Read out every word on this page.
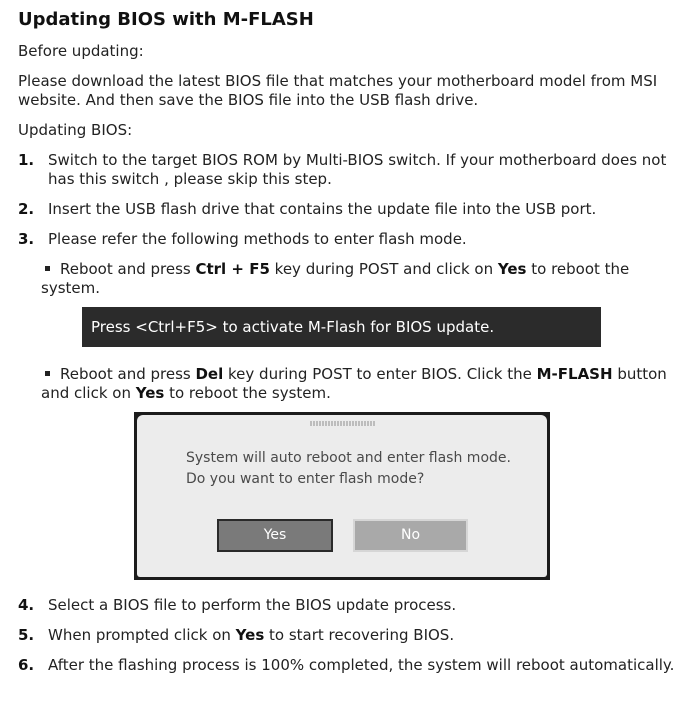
Updating BIOS with M-FLASH
Before updating:
Please download the latest BIOS file that matches your motherboard model from MSI website. And then save the BIOS file into the USB flash drive.
Updating BIOS:
1. Switch to the target BIOS ROM by Multi-BIOS switch. If your motherboard does not has this switch , please skip this step.
2. Insert the USB flash drive that contains the update file into the USB port.
3. Please refer the following methods to enter flash mode.
Reboot and press Ctrl + F5 key during POST and click on Yes to reboot the system.
Press <Ctrl+F5> to activate M-Flash for BIOS update.
Reboot and press Del key during POST to enter BIOS. Click the M-FLASH button and click on Yes to reboot the system.
System will auto reboot and enter flash mode.
Do you want to enter flash mode?
Yes	No
4. Select a BIOS file to perform the BIOS update process.
5. When prompted click on Yes to start recovering BIOS.
6. After the flashing process is 100% completed, the system will reboot automatically.
